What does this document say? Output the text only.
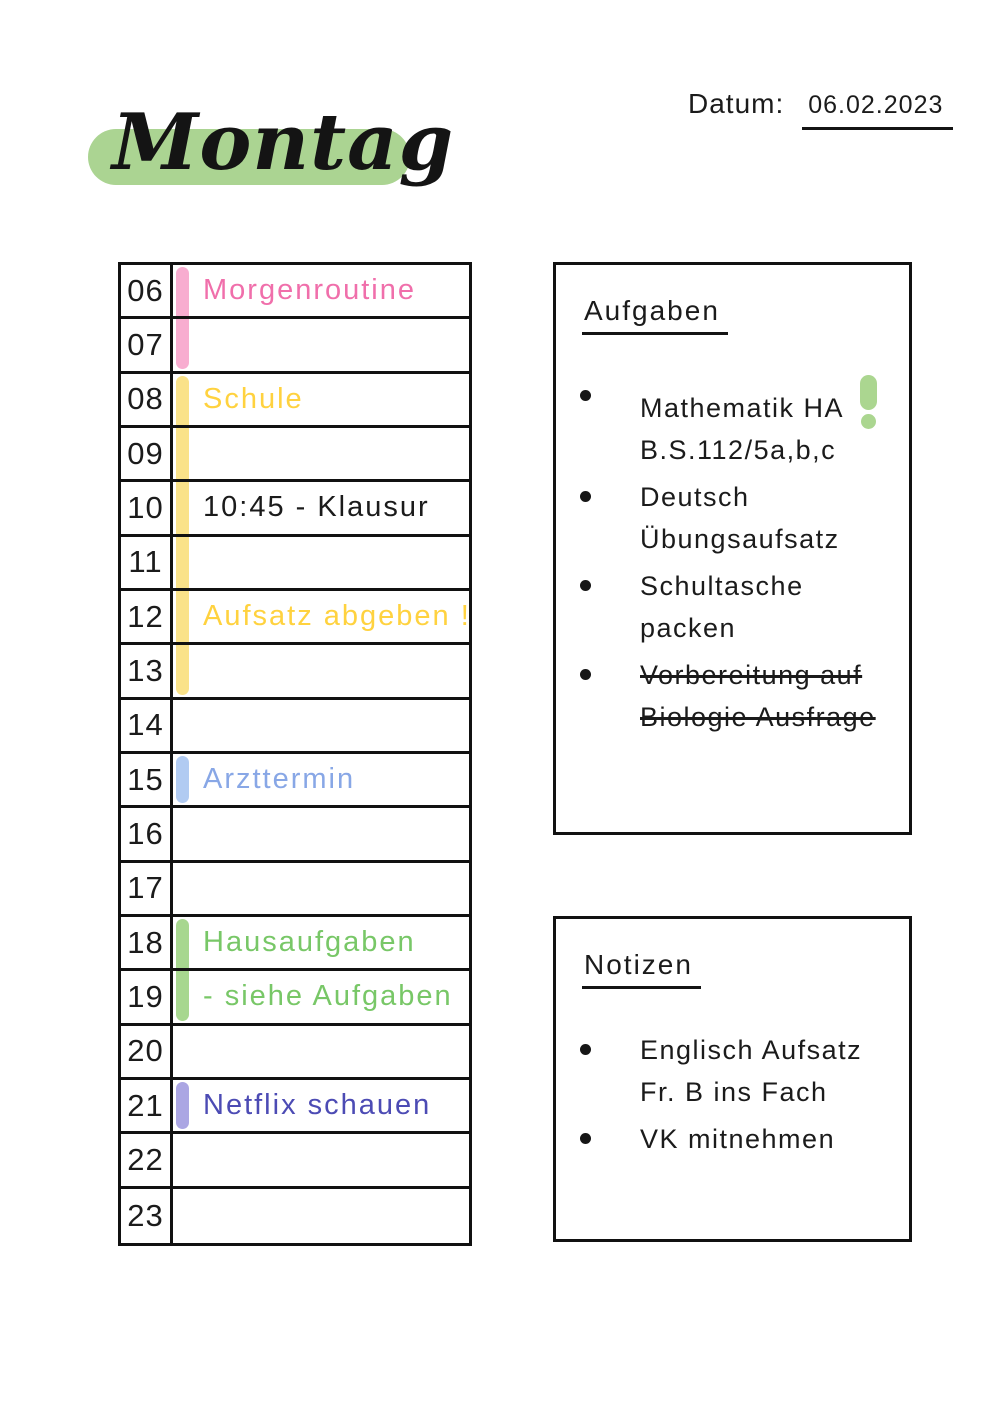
Datum: 06.02.2023
Montag
06	Morgenroutine
07
08	Schule
09
10	10:45 - Klausur
11
12	Aufsatz abgeben !
13
14
15	Arzttermin
16
17
18	Hausaufgaben
19	- siehe Aufgaben
20
21	Netflix schauen
22
23
Aufgaben
Mathematik HA
B.S.112/5a,b,c
Deutsch
Übungsaufsatz
Schultasche
packen
Vorbereitung auf
Biologie Ausfrage
Notizen
Englisch Aufsatz
Fr. B ins Fach
VK mitnehmen
